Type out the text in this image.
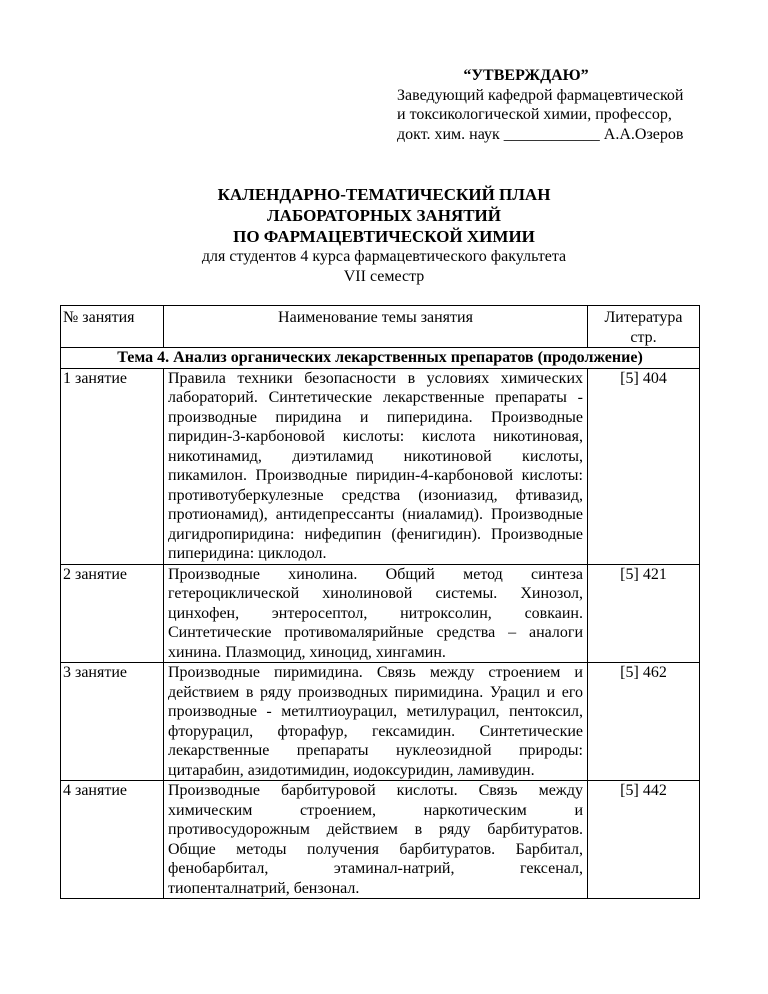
“УТВЕРЖДАЮ”
Заведующий кафедрой фармацевтической
и токсикологической химии, профессор,
докт. хим. наук ____________ А.А.Озеров
КАЛЕНДАРНО-ТЕМАТИЧЕСКИЙ ПЛАН
ЛАБОРАТОРНЫХ ЗАНЯТИЙ
ПО ФАРМАЦЕВТИЧЕСКОЙ ХИМИИ
для студентов 4 курса фармацевтического факультета
VII семестр
№ занятия	Наименование темы занятия	Литература стр.
Тема 4. Анализ органических лекарственных препаратов (продолжение)		
1 занятие	Правила техники безопасности в условиях химических лабораторий. Синтетические лекарственные препараты - производные пиридина и пиперидина. Производные пиридин-3-карбоновой кислоты: кислота никотиновая, никотинамид, диэтиламид никотиновой кислоты, пикамилон. Производные пиридин-4-карбоновой кислоты: противотуберкулезные средства (изониазид, фтивазид, протионамид), антидепрессанты (ниаламид). Производные дигидропиридина: нифедипин (фенигидин). Производные пиперидина: циклодол.	[5] 404
2 занятие	Производные хинолина. Общий метод синтеза гетероциклической хинолиновой системы. Хинозол, цинхофен, энтеросептол, нитроксолин, совкаин. Синтетические противомалярийные средства – аналоги хинина. Плазмоцид, хиноцид, хингамин.	[5] 421
3 занятие	Производные пиримидина. Связь между строением и действием в ряду производных пиримидина. Урацил и его производные - метилтиоурацил, метилурацил, пентоксил, фторурацил, фторафур, гексамидин. Синтетические лекарственные препараты нуклеозидной природы: цитарабин, азидотимидин, иодоксуридин, ламивудин.	[5] 462
4 занятие	Производные барбитуровой кислоты. Связь между химическим строением, наркотическим и противосудорожным действием в ряду барбитуратов. Общие методы получения барбитуратов. Барбитал, фенобарбитал, этаминал-натрий, гексенал, тиопенталнатрий, бензонал.	[5] 442
